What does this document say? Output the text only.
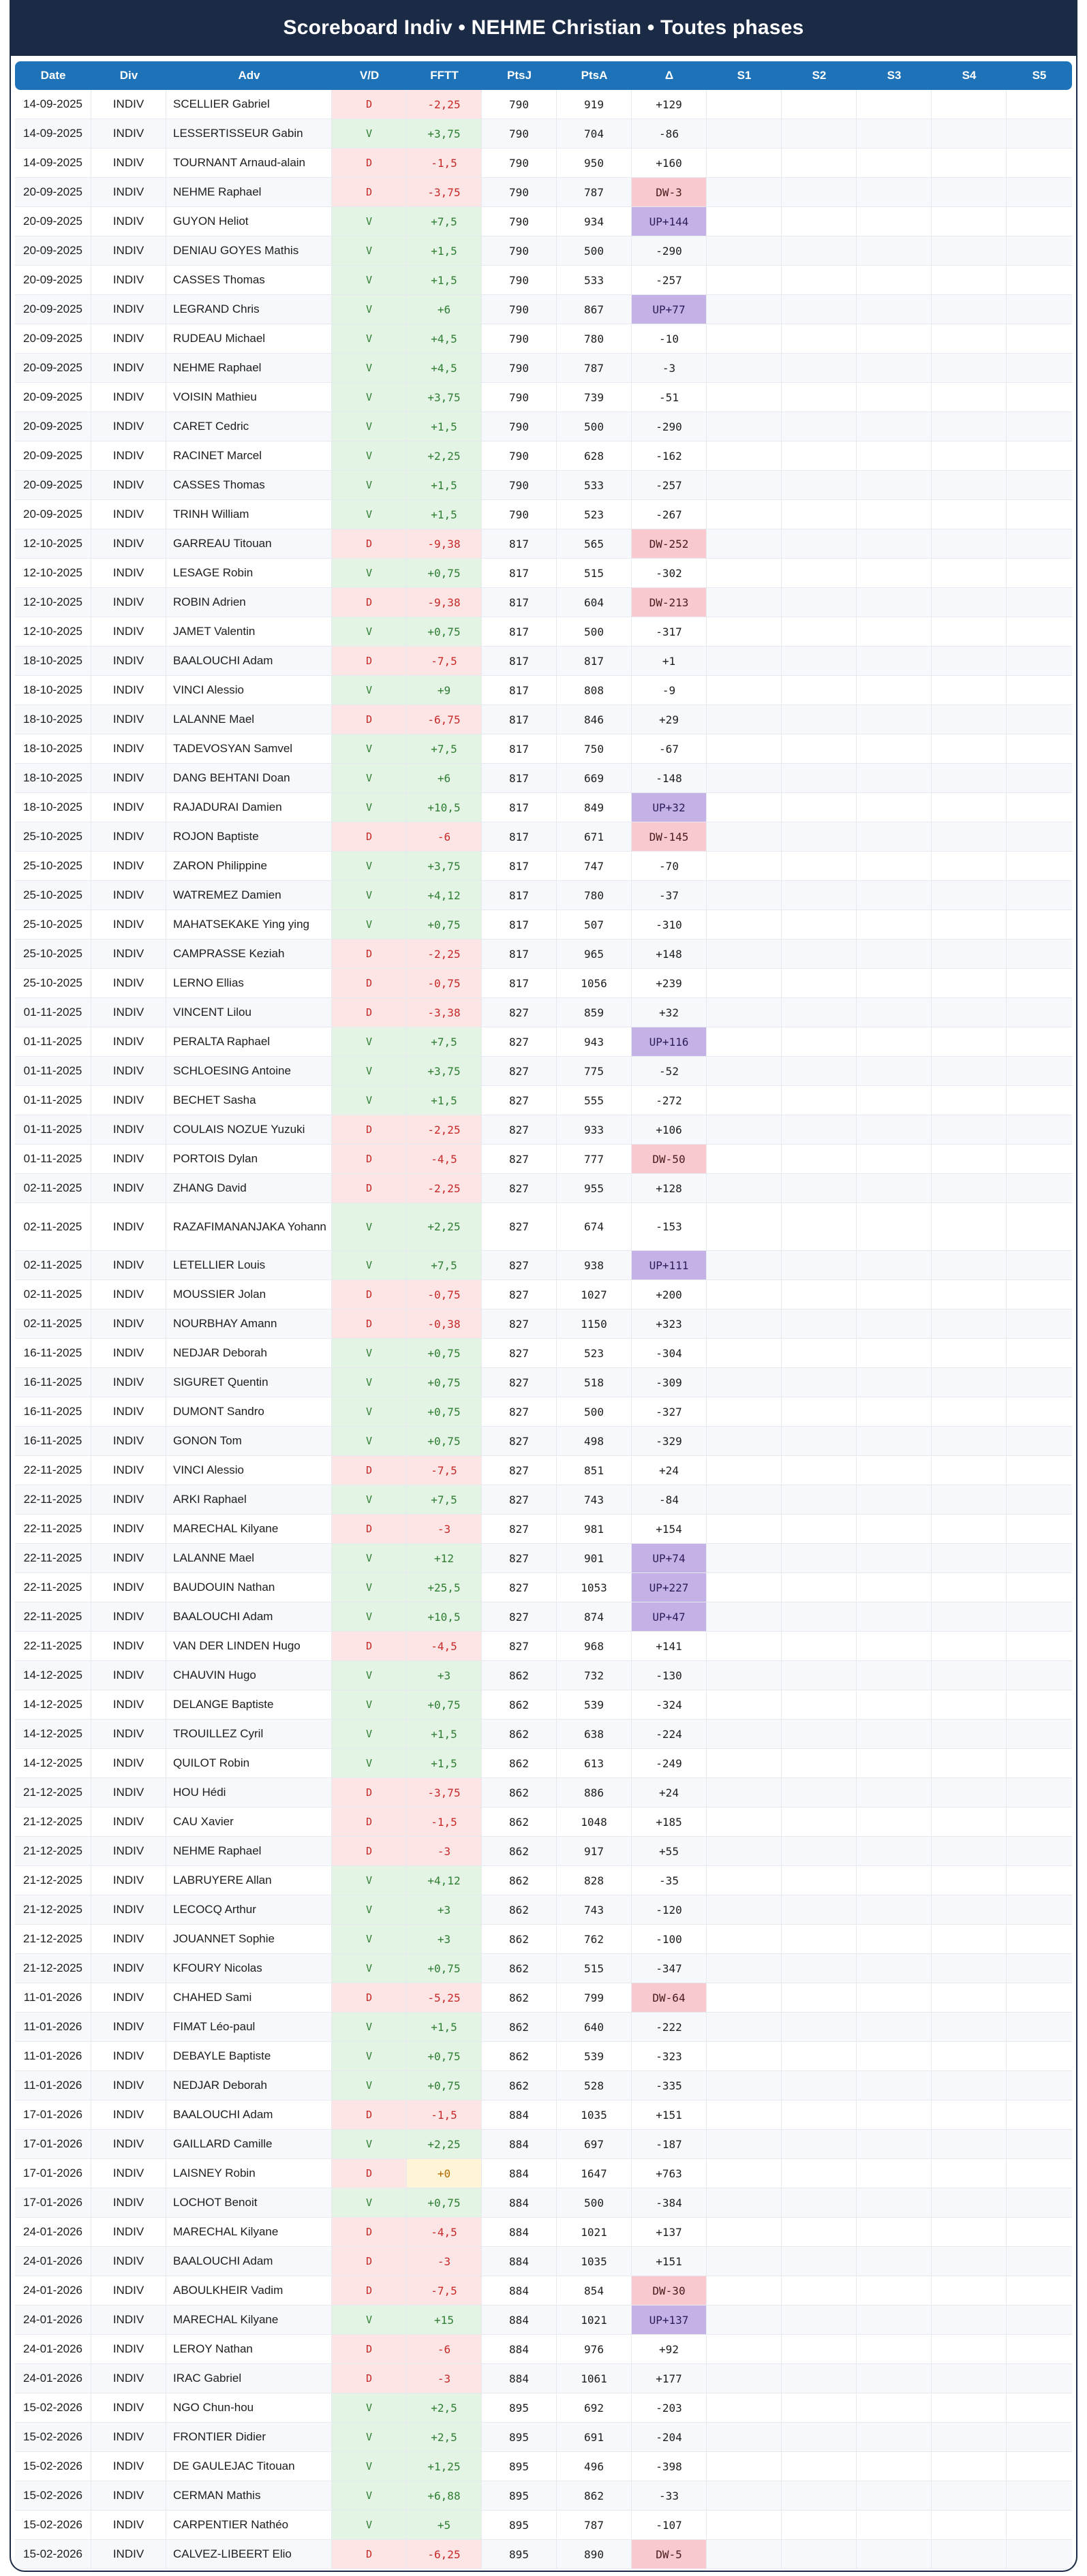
Scoreboard Indiv • NEHME Christian • Toutes phases
Date	Div	Adv	V/D	FFTT	PtsJ	PtsA	Δ	S1	S2	S3	S4	S5
14-09-2025	INDIV	SCELLIER Gabriel	D	-2,25	790	919	+129
14-09-2025	INDIV	LESSERTISSEUR Gabin	V	+3,75	790	704	-86
14-09-2025	INDIV	TOURNANT Arnaud-alain	D	-1,5	790	950	+160
20-09-2025	INDIV	NEHME Raphael	D	-3,75	790	787	DW-3
20-09-2025	INDIV	GUYON Heliot	V	+7,5	790	934	UP+144
20-09-2025	INDIV	DENIAU GOYES Mathis	V	+1,5	790	500	-290
20-09-2025	INDIV	CASSES Thomas	V	+1,5	790	533	-257
20-09-2025	INDIV	LEGRAND Chris	V	+6	790	867	UP+77
20-09-2025	INDIV	RUDEAU Michael	V	+4,5	790	780	-10
20-09-2025	INDIV	NEHME Raphael	V	+4,5	790	787	-3
20-09-2025	INDIV	VOISIN Mathieu	V	+3,75	790	739	-51
20-09-2025	INDIV	CARET Cedric	V	+1,5	790	500	-290
20-09-2025	INDIV	RACINET Marcel	V	+2,25	790	628	-162
20-09-2025	INDIV	CASSES Thomas	V	+1,5	790	533	-257
20-09-2025	INDIV	TRINH William	V	+1,5	790	523	-267
12-10-2025	INDIV	GARREAU Titouan	D	-9,38	817	565	DW-252
12-10-2025	INDIV	LESAGE Robin	V	+0,75	817	515	-302
12-10-2025	INDIV	ROBIN Adrien	D	-9,38	817	604	DW-213
12-10-2025	INDIV	JAMET Valentin	V	+0,75	817	500	-317
18-10-2025	INDIV	BAALOUCHI Adam	D	-7,5	817	817	+1
18-10-2025	INDIV	VINCI Alessio	V	+9	817	808	-9
18-10-2025	INDIV	LALANNE Mael	D	-6,75	817	846	+29
18-10-2025	INDIV	TADEVOSYAN Samvel	V	+7,5	817	750	-67
18-10-2025	INDIV	DANG BEHTANI Doan	V	+6	817	669	-148
18-10-2025	INDIV	RAJADURAI Damien	V	+10,5	817	849	UP+32
25-10-2025	INDIV	ROJON Baptiste	D	-6	817	671	DW-145
25-10-2025	INDIV	ZARON Philippine	V	+3,75	817	747	-70
25-10-2025	INDIV	WATREMEZ Damien	V	+4,12	817	780	-37
25-10-2025	INDIV	MAHATSEKAKE Ying ying	V	+0,75	817	507	-310
25-10-2025	INDIV	CAMPRASSE Keziah	D	-2,25	817	965	+148
25-10-2025	INDIV	LERNO Ellias	D	-0,75	817	1056	+239
01-11-2025	INDIV	VINCENT Lilou	D	-3,38	827	859	+32
01-11-2025	INDIV	PERALTA Raphael	V	+7,5	827	943	UP+116
01-11-2025	INDIV	SCHLOESING Antoine	V	+3,75	827	775	-52
01-11-2025	INDIV	BECHET Sasha	V	+1,5	827	555	-272
01-11-2025	INDIV	COULAIS NOZUE Yuzuki	D	-2,25	827	933	+106
01-11-2025	INDIV	PORTOIS Dylan	D	-4,5	827	777	DW-50
02-11-2025	INDIV	ZHANG David	D	-2,25	827	955	+128
02-11-2025	INDIV	RAZAFIMANANJAKA Yohann	V	+2,25	827	674	-153
02-11-2025	INDIV	LETELLIER Louis	V	+7,5	827	938	UP+111
02-11-2025	INDIV	MOUSSIER Jolan	D	-0,75	827	1027	+200
02-11-2025	INDIV	NOURBHAY Amann	D	-0,38	827	1150	+323
16-11-2025	INDIV	NEDJAR Deborah	V	+0,75	827	523	-304
16-11-2025	INDIV	SIGURET Quentin	V	+0,75	827	518	-309
16-11-2025	INDIV	DUMONT Sandro	V	+0,75	827	500	-327
16-11-2025	INDIV	GONON Tom	V	+0,75	827	498	-329
22-11-2025	INDIV	VINCI Alessio	D	-7,5	827	851	+24
22-11-2025	INDIV	ARKI Raphael	V	+7,5	827	743	-84
22-11-2025	INDIV	MARECHAL Kilyane	D	-3	827	981	+154
22-11-2025	INDIV	LALANNE Mael	V	+12	827	901	UP+74
22-11-2025	INDIV	BAUDOUIN Nathan	V	+25,5	827	1053	UP+227
22-11-2025	INDIV	BAALOUCHI Adam	V	+10,5	827	874	UP+47
22-11-2025	INDIV	VAN DER LINDEN Hugo	D	-4,5	827	968	+141
14-12-2025	INDIV	CHAUVIN Hugo	V	+3	862	732	-130
14-12-2025	INDIV	DELANGE Baptiste	V	+0,75	862	539	-324
14-12-2025	INDIV	TROUILLEZ Cyril	V	+1,5	862	638	-224
14-12-2025	INDIV	QUILOT Robin	V	+1,5	862	613	-249
21-12-2025	INDIV	HOU Hédi	D	-3,75	862	886	+24
21-12-2025	INDIV	CAU Xavier	D	-1,5	862	1048	+185
21-12-2025	INDIV	NEHME Raphael	D	-3	862	917	+55
21-12-2025	INDIV	LABRUYERE Allan	V	+4,12	862	828	-35
21-12-2025	INDIV	LECOCQ Arthur	V	+3	862	743	-120
21-12-2025	INDIV	JOUANNET Sophie	V	+3	862	762	-100
21-12-2025	INDIV	KFOURY Nicolas	V	+0,75	862	515	-347
11-01-2026	INDIV	CHAHED Sami	D	-5,25	862	799	DW-64
11-01-2026	INDIV	FIMAT Léo-paul	V	+1,5	862	640	-222
11-01-2026	INDIV	DEBAYLE Baptiste	V	+0,75	862	539	-323
11-01-2026	INDIV	NEDJAR Deborah	V	+0,75	862	528	-335
17-01-2026	INDIV	BAALOUCHI Adam	D	-1,5	884	1035	+151
17-01-2026	INDIV	GAILLARD Camille	V	+2,25	884	697	-187
17-01-2026	INDIV	LAISNEY Robin	D	+0	884	1647	+763
17-01-2026	INDIV	LOCHOT Benoit	V	+0,75	884	500	-384
24-01-2026	INDIV	MARECHAL Kilyane	D	-4,5	884	1021	+137
24-01-2026	INDIV	BAALOUCHI Adam	D	-3	884	1035	+151
24-01-2026	INDIV	ABOULKHEIR Vadim	D	-7,5	884	854	DW-30
24-01-2026	INDIV	MARECHAL Kilyane	V	+15	884	1021	UP+137
24-01-2026	INDIV	LEROY Nathan	D	-6	884	976	+92
24-01-2026	INDIV	IRAC Gabriel	D	-3	884	1061	+177
15-02-2026	INDIV	NGO Chun-hou	V	+2,5	895	692	-203
15-02-2026	INDIV	FRONTIER Didier	V	+2,5	895	691	-204
15-02-2026	INDIV	DE GAULEJAC Titouan	V	+1,25	895	496	-398
15-02-2026	INDIV	CERMAN Mathis	V	+6,88	895	862	-33
15-02-2026	INDIV	CARPENTIER Nathéo	V	+5	895	787	-107
15-02-2026	INDIV	CALVEZ-LIBEERT Elio	D	-6,25	895	890	DW-5
